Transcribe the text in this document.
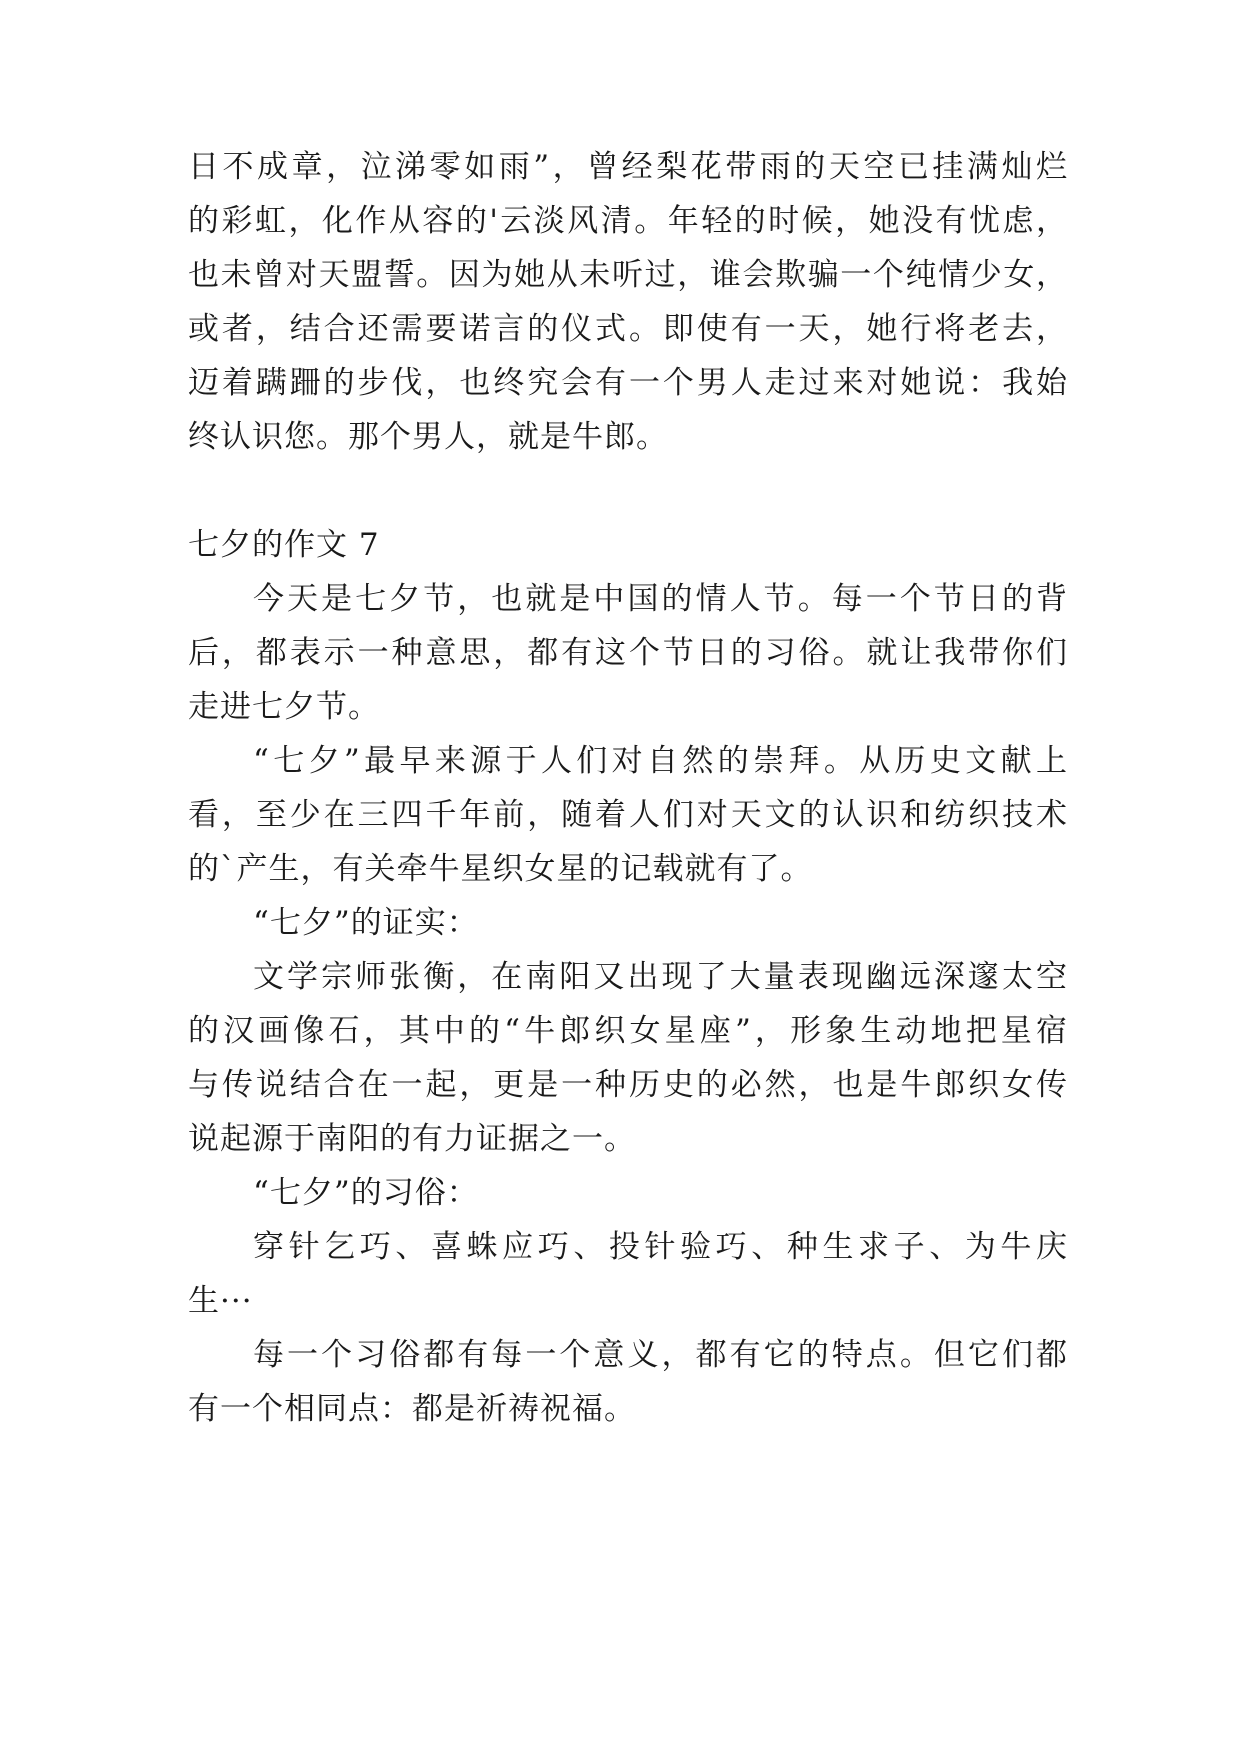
日不成章，泣涕零如雨”，曾经梨花带雨的天空已挂满灿烂
的彩虹，化作从容的'云淡风清。年轻的时候，她没有忧虑，
也未曾对天盟誓。因为她从未听过，谁会欺骗一个纯情少女，
或者，结合还需要诺言的仪式。即使有一天，她行将老去，
迈着蹒跚的步伐，也终究会有一个男人走过来对她说：我始
终认识您。那个男人，就是牛郎。
七夕的作文 7
今天是七夕节，也就是中国的情人节。每一个节日的背
后，都表示一种意思，都有这个节日的习俗。就让我带你们
走进七夕节。
“七夕”最早来源于人们对自然的崇拜。从历史文献上
看，至少在三四千年前，随着人们对天文的认识和纺织技术
的`产生，有关牵牛星织女星的记载就有了。
“七夕”的证实：
文学宗师张衡，在南阳又出现了大量表现幽远深邃太空
的汉画像石，其中的“牛郎织女星座”，形象生动地把星宿
与传说结合在一起，更是一种历史的必然，也是牛郎织女传
说起源于南阳的有力证据之一。
“七夕”的习俗：
穿针乞巧、喜蛛应巧、投针验巧、种生求子、为牛庆
生···
每一个习俗都有每一个意义，都有它的特点。但它们都
有一个相同点：都是祈祷祝福。
